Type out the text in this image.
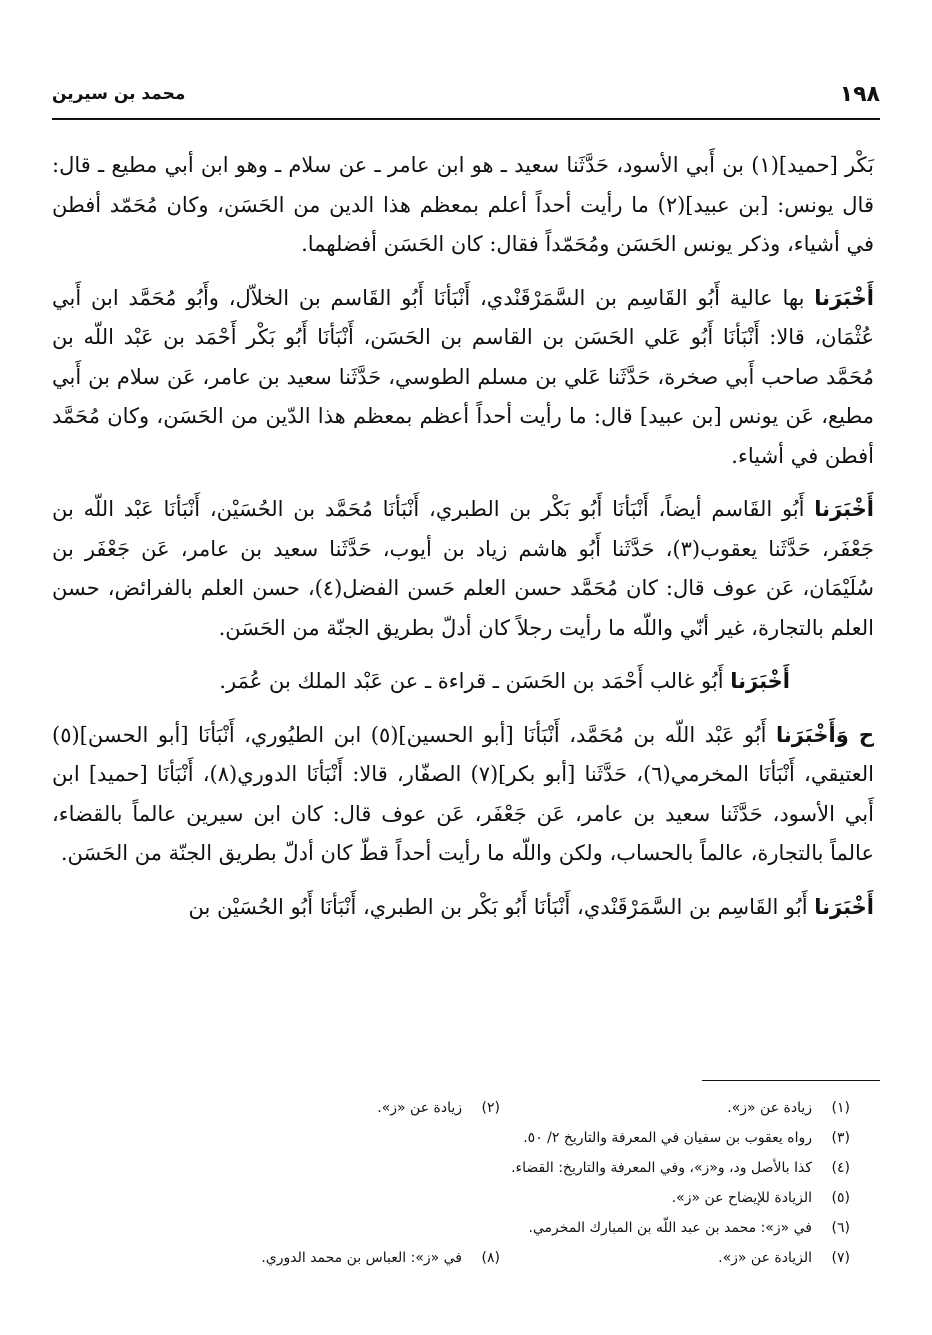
١٩٨
محمد بن سيرين

بَكْر [حميد](١) بن أَبي الأسود، حَدَّثَنا سعيد ـ هو ابن عامر ـ عن سلام ـ وهو ابن أبي مطيع ـ قال: قال يونس: [بن عبيد](٢) ما رأيت أحداً أعلم بمعظم هذا الدين من الحَسَن، وكان مُحَمّد أفطن في أشياء، وذكر يونس الحَسَن ومُحَمّداً فقال: كان الحَسَن أفضلهما.

أَخْبَرَنا بها عالية أَبُو القَاسِم بن السَّمَرْقَنْدي، أَنْبَأنَا أَبُو القَاسم بن الخلاّل، وأَبُو مُحَمَّد ابن أَبي عُثْمَان، قالا: أَنْبَأنَا أَبُو عَلي الحَسَن بن القاسم بن الحَسَن، أَنْبَأنَا أَبُو بَكْر أَحْمَد بن عَبْد اللّه بن مُحَمَّد صاحب أَبي صخرة، حَدَّثَنا عَلي بن مسلم الطوسي، حَدَّثَنا سعيد بن عامر، عَن سلام بن أَبي مطيع، عَن يونس [بن عبيد] قال: ما رأيت أحداً أعظم بمعظم هذا الدّين من الحَسَن، وكان مُحَمَّد أفطن في أشياء.

أَخْبَرَنا أَبُو القَاسم أيضاً، أَنْبَأنَا أَبُو بَكْر بن الطبري، أَنْبَأنَا مُحَمَّد بن الحُسَيْن، أَنْبَأنَا عَبْد اللّه بن جَعْفَر، حَدَّثَنا يعقوب(٣)، حَدَّثَنا أَبُو هاشم زياد بن أيوب، حَدَّثَنا سعيد بن عامر، عَن جَعْفَر بن سُلَيْمَان، عَن عوف قال: كان مُحَمَّد حسن العلم حَسن الفضل(٤)، حسن العلم بالفرائض، حسن العلم بالتجارة، غير أنّي واللّه ما رأيت رجلاً كان أدلّ بطريق الجنّة من الحَسَن.

أَخْبَرَنا أَبُو غالب أَحْمَد بن الحَسَن ـ قراءة ـ عن عَبْد الملك بن عُمَر.

ح وَأَخْبَرَنا أَبُو عَبْد اللّه بن مُحَمَّد، أَنْبَأنَا [أبو الحسين](٥) ابن الطيُوري، أَنْبَأنَا [أبو الحسن](٥) العتيقي، أَنْبَأنَا المخرمي(٦)، حَدَّثَنا [أبو بكر](٧) الصفّار، قالا: أَنْبَأنَا الدوري(٨)، أَنْبَأنَا [حميد] ابن أَبي الأسود، حَدَّثَنا سعيد بن عامر، عَن جَعْفَر، عَن عوف قال: كان ابن سيرين عالماً بالقضاء، عالماً بالتجارة، عالماً بالحساب، ولكن واللّه ما رأيت أحداً قطّ كان أدلّ بطريق الجنّة من الحَسَن.

أَخْبَرَنا أَبُو القَاسِم بن السَّمَرْقَنْدي، أَنْبَأنَا أَبُو بَكْر بن الطبري، أَنْبَأنَا أَبُو الحُسَيْن بن

(١)زيادة عن «ز».
(٢)زيادة عن «ز».
(٣)رواه يعقوب بن سفيان في المعرفة والتاريخ ٢/ ٥٠.
(٤)كذا بالأصل ود، و«ز»، وفي المعرفة والتاريخ: القضاء.
(٥)الزيادة للإيضاح عن «ز».
(٦)في «ز»: محمد بن عبد اللّه بن المبارك المخرمي.
(٧)الزيادة عن «ز».
(٨)في «ز»: العباس بن محمد الدوري.
